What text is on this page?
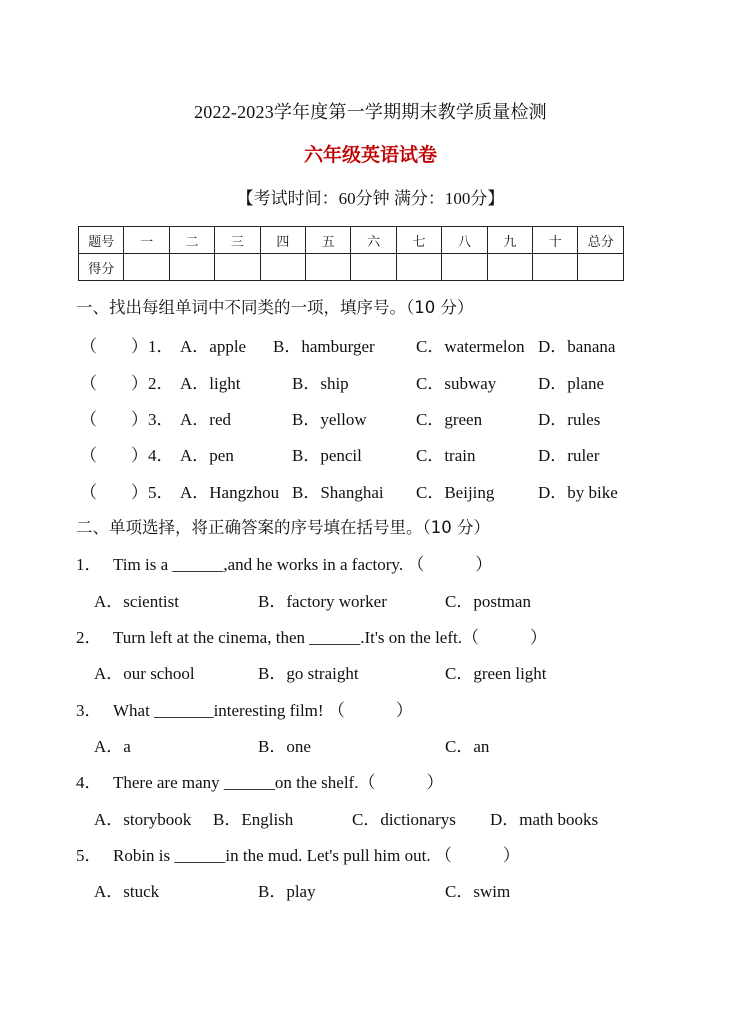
2022-2023学年度第一学期期末教学质量检测
六年级英语试卷
【考试时间：60分钟 满分：100分】
题号	一	二	三	四	五	六	七	八	九	十	总分
得分											
一、找出每组单词中不同类的一项，填序号。（10 分）
（　　）1． A．apple B．hamburger C．watermelon D．banana
（　　）2． A．light	B．ship	C．subway D．plane
（　　）3． A．red	B．yellow	C．green	D．rules
（　　）4． A．pen	B．pencil	C．train	D．ruler
（　　）5． A．Hangzhou B．Shanghai C．Beijing	D．by bike
二、单项选择，将正确答案的序号填在括号里。（10 分）
1． Tim is a ______,and he works in a factory. （　　　）
A．scientist	B．factory worker	C．postman
2． Turn left at the cinema, then ______.It's on the left.（　　　）
A．our school	B．go straight	C．green light
3． What _______interesting film! （　　　）
A．a	B．one	C．an
4． There are many ______on the shelf.（　　　）
A．storybook B．English	C．dictionarys D．math books
5． Robin is ______in the mud. Let's pull him out. （　　　）
A．stuck	B．play	C．swim
